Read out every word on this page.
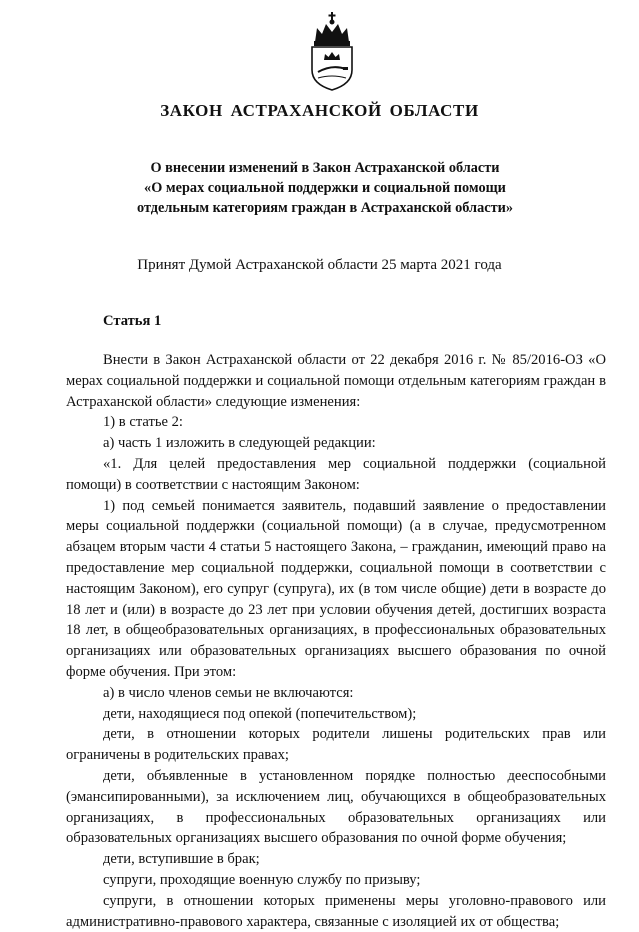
ЗАКОН АСТРАХАНСКОЙ ОБЛАСТИ
О внесении изменений в Закон Астраханской области
«О мерах социальной поддержки и социальной помощи
отдельным категориям граждан в Астраханской области»
Принят Думой Астраханской области 25 марта 2021 года
Статья 1

Внести в Закон Астраханской области от 22 декабря 2016 г. № 85/2016-ОЗ «О мерах социальной поддержки и социальной помощи отдельным категориям граждан в Астраханской области» следующие изменения:

1) в статье 2:

а) часть 1 изложить в следующей редакции:

«1. Для целей предоставления мер социальной поддержки (социальной помощи) в соответствии с настоящим Законом:

1) под семьей понимается заявитель, подавший заявление о предоставлении меры социальной поддержки (социальной помощи) (а в случае, предусмотренном абзацем вторым части 4 статьи 5 настоящего Закона, – гражданин, имеющий право на предоставление мер социальной поддержки, социальной помощи в соответствии с настоящим Законом), его супруг (супруга), их (в том числе общие) дети в возрасте до 18 лет и (или) в возрасте до 23 лет при условии обучения детей, достигших возраста 18 лет, в общеобразовательных организациях, в профессиональных образовательных организациях или образовательных организациях высшего образования по очной форме обучения. При этом:

а) в число членов семьи не включаются:

дети, находящиеся под опекой (попечительством);

дети, в отношении которых родители лишены родительских прав или ограничены в родительских правах;

дети, объявленные в установленном порядке полностью дееспособными (эмансипированными), за исключением лиц, обучающихся в общеобразовательных организациях, в профессиональных образовательных организациях или образовательных организациях высшего образования по очной форме обучения;

дети, вступившие в брак;

супруги, проходящие военную службу по призыву;

супруги, в отношении которых применены меры уголовно-правового или административно-правового характера, связанные с изоляцией их от общества;
